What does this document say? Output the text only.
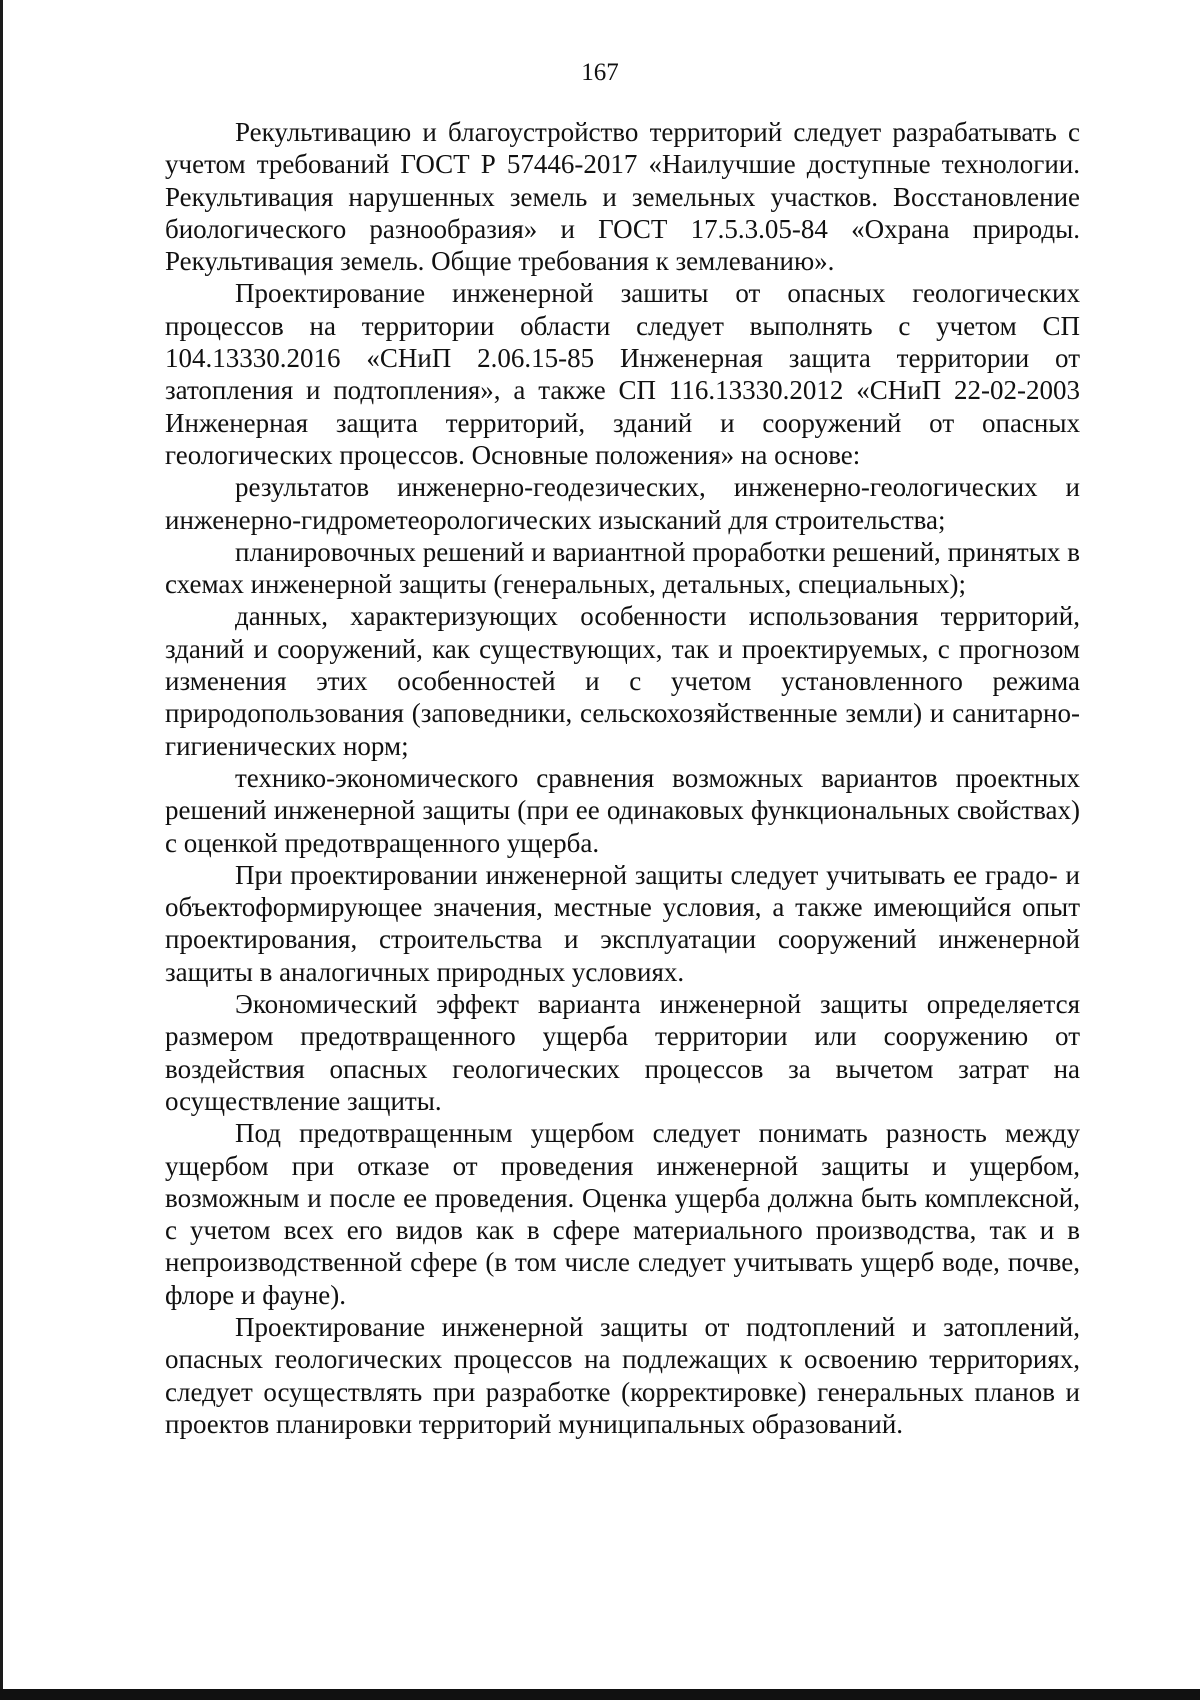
167

Рекультивацию и благоустройство территорий следует разрабатывать с учетом требований ГОСТ Р 57446-2017 «Наилучшие доступные технологии. Рекультивация нарушенных земель и земельных участков. Восстановление биологического разнообразия» и ГОСТ 17.5.3.05-84 «Охрана природы. Рекультивация земель. Общие требования к землеванию».

Проектирование инженерной зашиты от опасных геологических процессов на территории области следует выполнять с учетом СП 104.13330.2016 «СНиП 2.06.15-85 Инженерная защита территории от затопления и подтопления», а также СП 116.13330.2012 «СНиП 22-02-2003 Инженерная защита территорий, зданий и сооружений от опасных геологических процессов. Основные положения» на основе:

результатов инженерно-геодезических, инженерно-геологических и инженерно-гидрометеорологических изысканий для строительства;

планировочных решений и вариантной проработки решений, принятых в схемах инженерной защиты (генеральных, детальных, специальных);

данных, характеризующих особенности использования территорий, зданий и сооружений, как существующих, так и проектируемых, с прогнозом изменения этих особенностей и с учетом установленного режима природопользования (заповедники, сельскохозяйственные земли) и санитарно-гигиенических норм;

технико-экономического сравнения возможных вариантов проектных решений инженерной защиты (при ее одинаковых функциональных свойствах) с оценкой предотвращенного ущерба.

При проектировании инженерной защиты следует учитывать ее градо- и объектоформирующее значения, местные условия, а также имеющийся опыт проектирования, строительства и эксплуатации сооружений инженерной защиты в аналогичных природных условиях.

Экономический эффект варианта инженерной защиты определяется размером предотвращенного ущерба территории или сооружению от воздействия опасных геологических процессов за вычетом затрат на осуществление защиты.

Под предотвращенным ущербом следует понимать разность между ущербом при отказе от проведения инженерной защиты и ущербом, возможным и после ее проведения. Оценка ущерба должна быть комплексной, с учетом всех его видов как в сфере материального производства, так и в непроизводственной сфере (в том числе следует учитывать ущерб воде, почве, флоре и фауне).

Проектирование инженерной защиты от подтоплений и затоплений, опасных геологических процессов на подлежащих к освоению территориях, следует осуществлять при разработке (корректировке) генеральных планов и проектов планировки территорий муниципальных образований.
